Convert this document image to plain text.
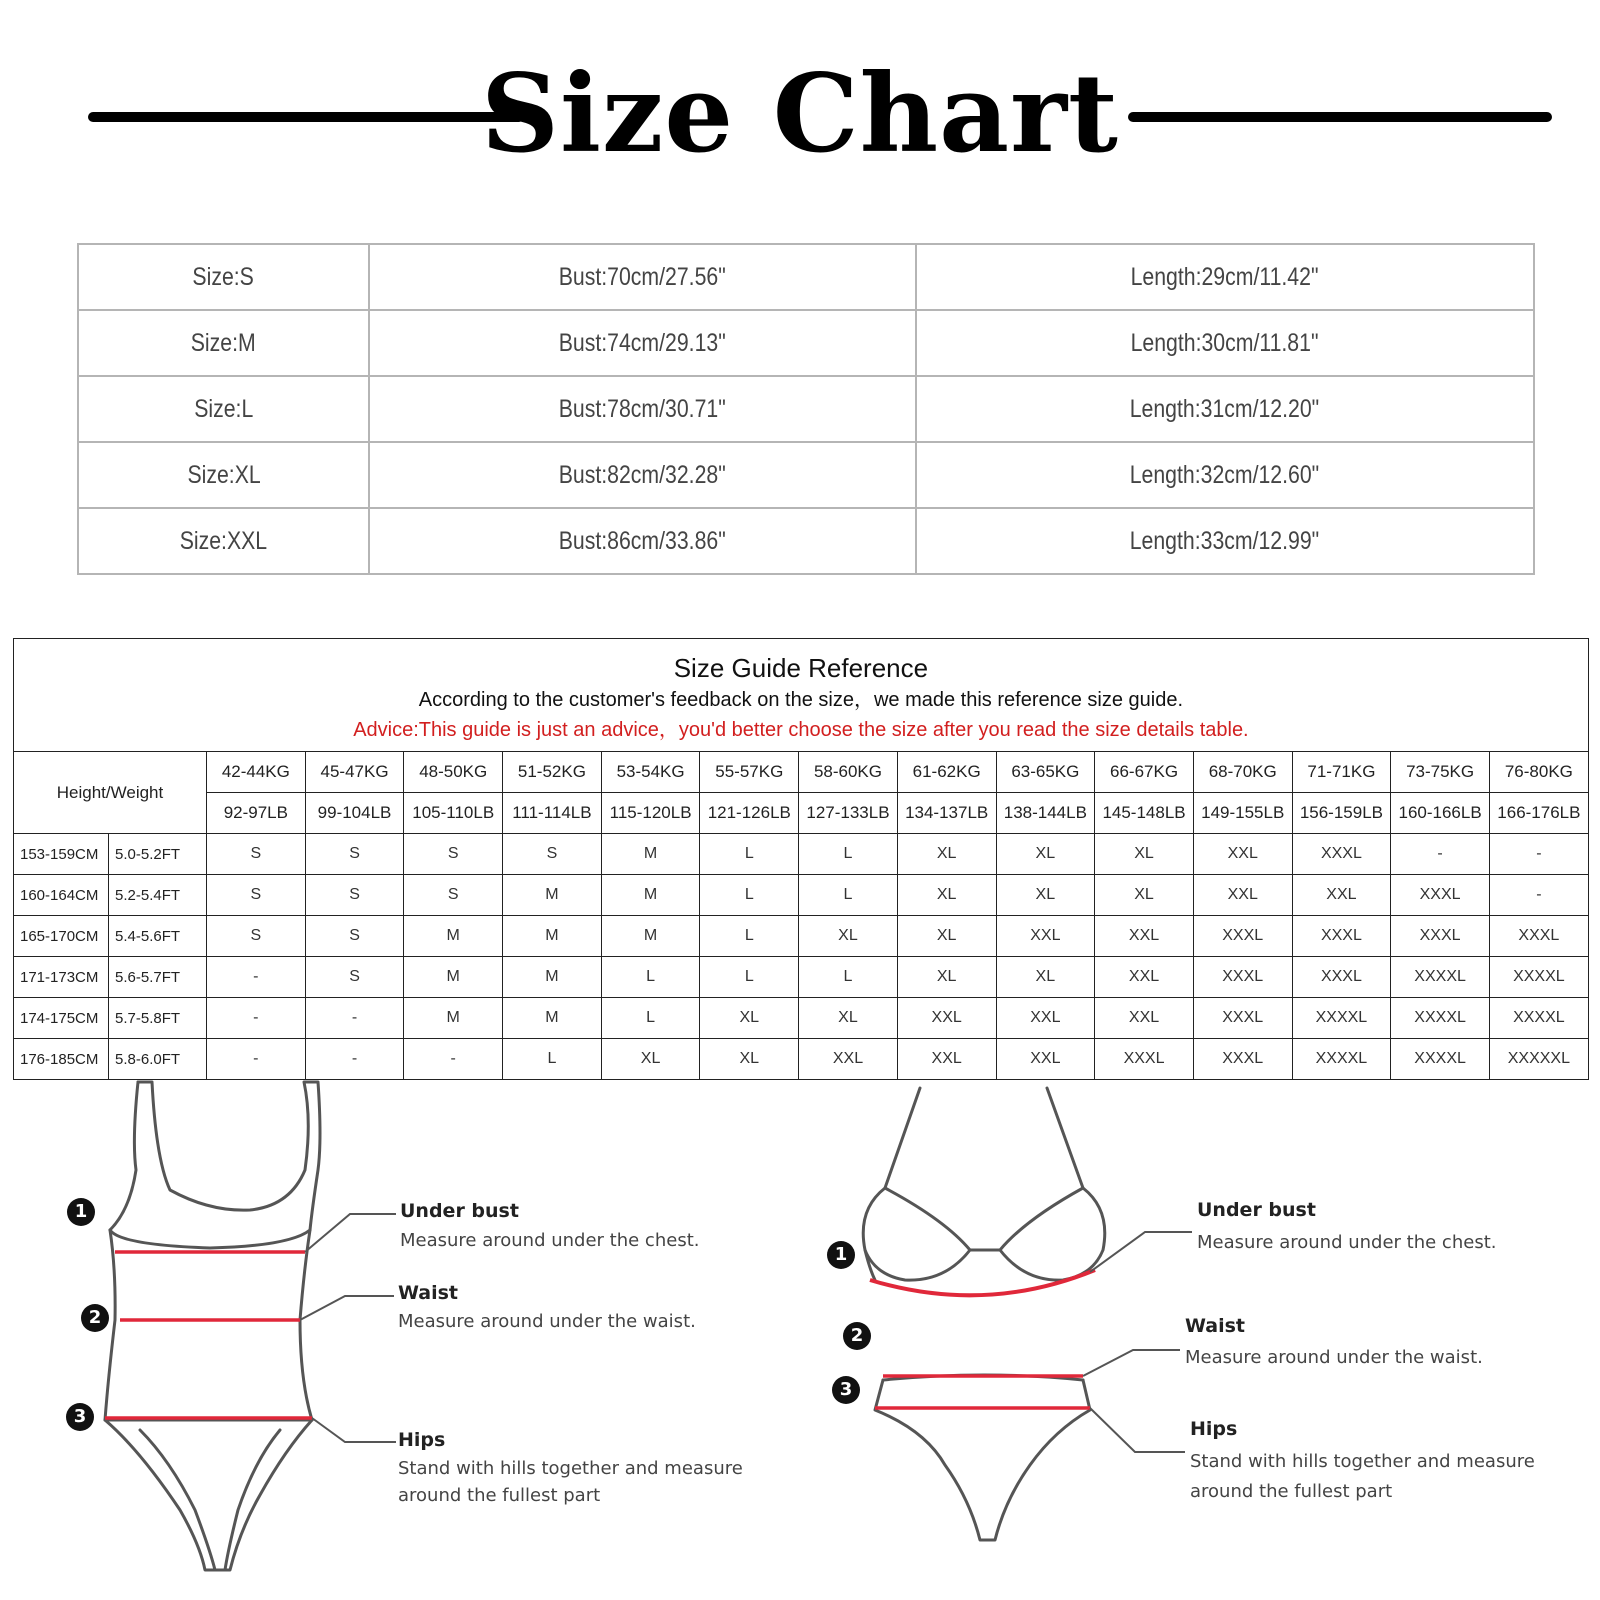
Size Chart
Size:S	Bust:70cm/27.56"	Length:29cm/11.42"
Size:M	Bust:74cm/29.13"	Length:30cm/11.81"
Size:L	Bust:78cm/30.71"	Length:31cm/12.20"
Size:XL	Bust:82cm/32.28"	Length:32cm/12.60"
Size:XXL	Bust:86cm/33.86"	Length:33cm/12.99"
Size Guide Reference
According to the customer's feedback on the size，we made this reference size guide.
Advice:This guide is just an advice，you'd better choose the size after you read the size details table.															

Height/Weight		42-44KG	45-47KG	48-50KG	51-52KG	53-54KG	55-57KG	58-60KG	61-62KG	63-65KG	66-67KG	68-70KG	71-71KG	73-75KG	76-80KG
		92-97LB	99-104LB	105-110LB	111-114LB	115-120LB	121-126LB	127-133LB	134-137LB	138-144LB	145-148LB	149-155LB	156-159LB	160-166LB	166-176LB
153-159CM	5.0-5.2FT	S	S	S	S	M	L	L	XL	XL	XL	XXL	XXXL	-	-
160-164CM	5.2-5.4FT	S	S	S	M	M	L	L	XL	XL	XL	XXL	XXL	XXXL	-
165-170CM	5.4-5.6FT	S	S	M	M	M	L	XL	XL	XXL	XXL	XXXL	XXXL	XXXL	XXXL
171-173CM	5.6-5.7FT	-	S	M	M	L	L	L	XL	XL	XXL	XXXL	XXXL	XXXXL	XXXXL
174-175CM	5.7-5.8FT	-	-	M	M	L	XL	XL	XXL	XXL	XXL	XXXL	XXXXL	XXXXL	XXXXL
176-185CM	5.8-6.0FT	-	-	-	L	XL	XL	XXL	XXL	XXL	XXXL	XXXL	XXXXL	XXXXL	XXXXXL
1
2
3
Under bust
Measure around under the chest.
Waist
Measure around under the waist.
Hips
Stand with hills together and measure
around the fullest part
1
2
3
Under bust
Measure around under the chest.
Waist
Measure around under the waist.
Hips
Stand with hills together and measure
around the fullest part
